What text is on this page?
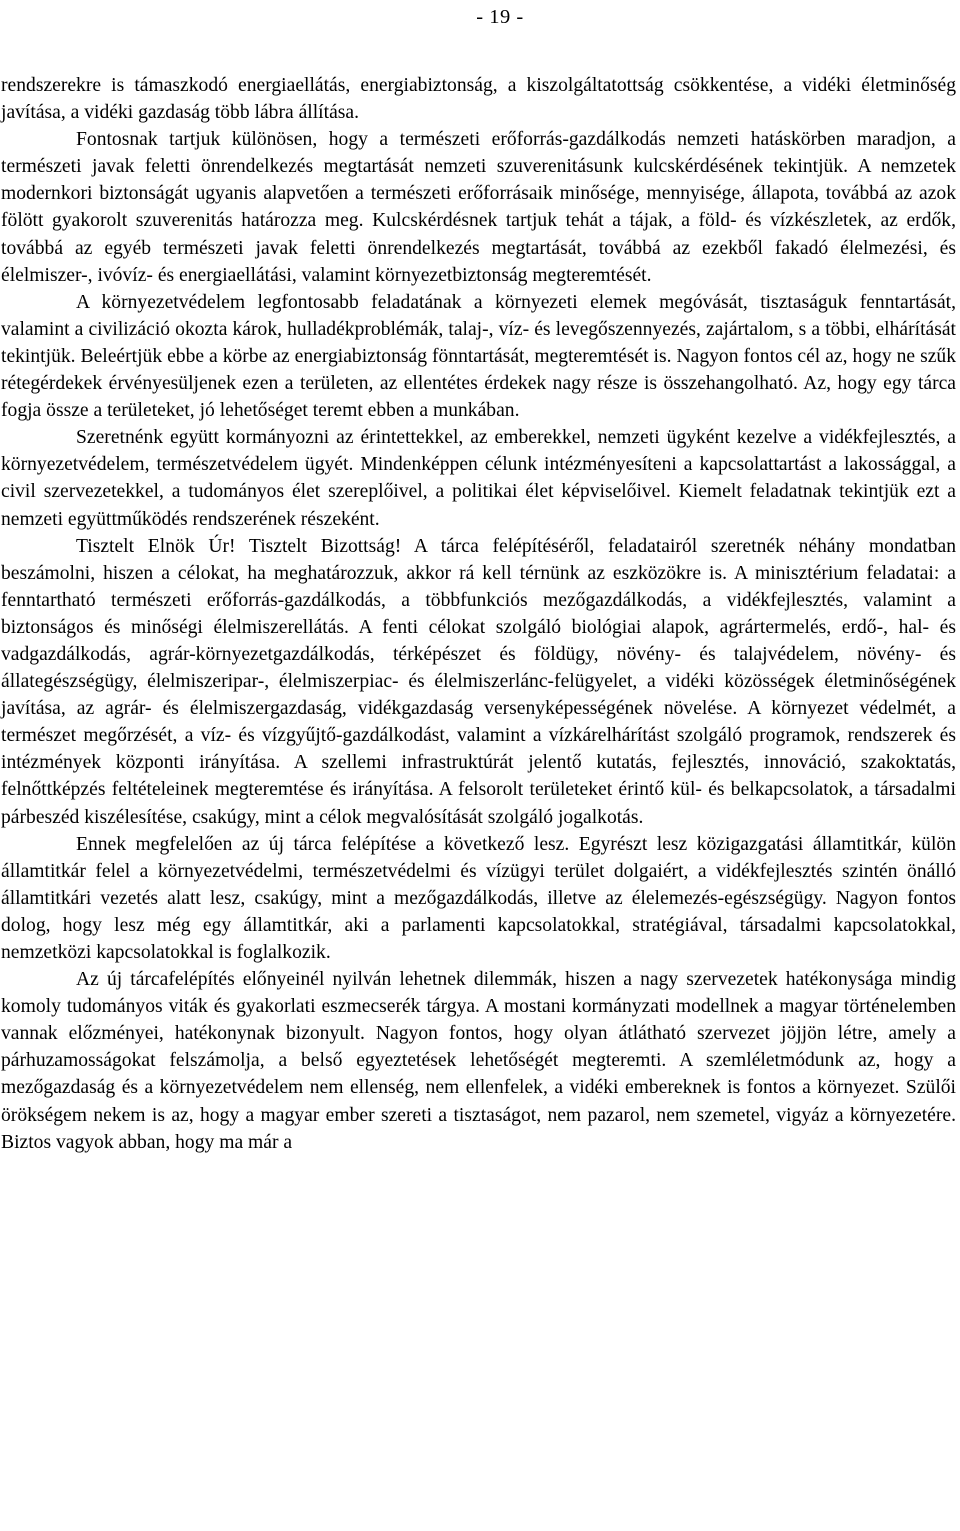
- 19 -

rendszerekre is támaszkodó energiaellátás, energiabiztonság, a kiszolgáltatottság csökkentése, a vidéki életminőség javítása, a vidéki gazdaság több lábra állítása.

Fontosnak tartjuk különösen, hogy a természeti erőforrás-gazdálkodás nemzeti hatáskörben maradjon, a természeti javak feletti önrendelkezés megtartását nemzeti szuverenitásunk kulcskérdésének tekintjük. A nemzetek modernkori biztonságát ugyanis alapvetően a természeti erőforrásaik minősége, mennyisége, állapota, továbbá az azok fölött gyakorolt szuverenitás határozza meg. Kulcskérdésnek tartjuk tehát a tájak, a föld- és vízkészletek, az erdők, továbbá az egyéb természeti javak feletti önrendelkezés megtartását, továbbá az ezekből fakadó élelmezési, és élelmiszer-, ivóvíz- és energiaellátási, valamint környezetbiztonság megteremtését.

A környezetvédelem legfontosabb feladatának a környezeti elemek megóvását, tisztaságuk fenntartását, valamint a civilizáció okozta károk, hulladékproblémák, talaj-, víz- és levegőszennyezés, zajártalom, s a többi, elhárítását tekintjük. Beleértjük ebbe a körbe az energiabiztonság fönntartását, megteremtését is. Nagyon fontos cél az, hogy ne szűk rétegérdekek érvényesüljenek ezen a területen, az ellentétes érdekek nagy része is összehangolható. Az, hogy egy tárca fogja össze a területeket, jó lehetőséget teremt ebben a munkában.

Szeretnénk együtt kormányozni az érintettekkel, az emberekkel, nemzeti ügyként kezelve a vidékfejlesztés, a környezetvédelem, természetvédelem ügyét. Mindenképpen célunk intézményesíteni a kapcsolattartást a lakossággal, a civil szervezetekkel, a tudományos élet szereplőivel, a politikai élet képviselőivel. Kiemelt feladatnak tekintjük ezt a nemzeti együttműködés rendszerének részeként.

Tisztelt Elnök Úr! Tisztelt Bizottság! A tárca felépítéséről, feladatairól szeretnék néhány mondatban beszámolni, hiszen a célokat, ha meghatározzuk, akkor rá kell térnünk az eszközökre is. A minisztérium feladatai: a fenntartható természeti erőforrás-gazdálkodás, a többfunkciós mezőgazdálkodás, a vidékfejlesztés, valamint a biztonságos és minőségi élelmiszerellátás. A fenti célokat szolgáló biológiai alapok, agrártermelés, erdő-, hal- és vadgazdálkodás, agrár-környezetgazdálkodás, térképészet és földügy, növény- és talajvédelem, növény- és állategészségügy, élelmiszeripar-, élelmiszerpiac- és élelmiszerlánc-felügyelet, a vidéki közösségek életminőségének javítása, az agrár- és élelmiszergazdaság, vidékgazdaság versenyképességének növelése. A környezet védelmét, a természet megőrzését, a víz- és vízgyűjtő-gazdálkodást, valamint a vízkárelhárítást szolgáló programok, rendszerek és intézmények központi irányítása. A szellemi infrastruktúrát jelentő kutatás, fejlesztés, innováció, szakoktatás, felnőttképzés feltételeinek megteremtése és irányítása. A felsorolt területeket érintő kül- és belkapcsolatok, a társadalmi párbeszéd kiszélesítése, csakúgy, mint a célok megvalósítását szolgáló jogalkotás.

Ennek megfelelően az új tárca felépítése a következő lesz. Egyrészt lesz közigazgatási államtitkár, külön államtitkár felel a környezetvédelmi, természetvédelmi és vízügyi terület dolgaiért, a vidékfejlesztés szintén önálló államtitkári vezetés alatt lesz, csakúgy, mint a mezőgazdálkodás, illetve az élelemezés-egészségügy. Nagyon fontos dolog, hogy lesz még egy államtitkár, aki a parlamenti kapcsolatokkal, stratégiával, társadalmi kapcsolatokkal, nemzetközi kapcsolatokkal is foglalkozik.

Az új tárcafelépítés előnyeinél nyilván lehetnek dilemmák, hiszen a nagy szervezetek hatékonysága mindig komoly tudományos viták és gyakorlati eszmecserék tárgya. A mostani kormányzati modellnek a magyar történelemben vannak előzményei, hatékonynak bizonyult. Nagyon fontos, hogy olyan átlátható szervezet jöjjön létre, amely a párhuzamosságokat felszámolja, a belső egyeztetések lehetőségét megteremti. A szemléletmódunk az, hogy a mezőgazdaság és a környezetvédelem nem ellenség, nem ellenfelek, a vidéki embereknek is fontos a környezet. Szülői örökségem nekem is az, hogy a magyar ember szereti a tisztaságot, nem pazarol, nem szemetel, vigyáz a környezetére. Biztos vagyok abban, hogy ma már a
